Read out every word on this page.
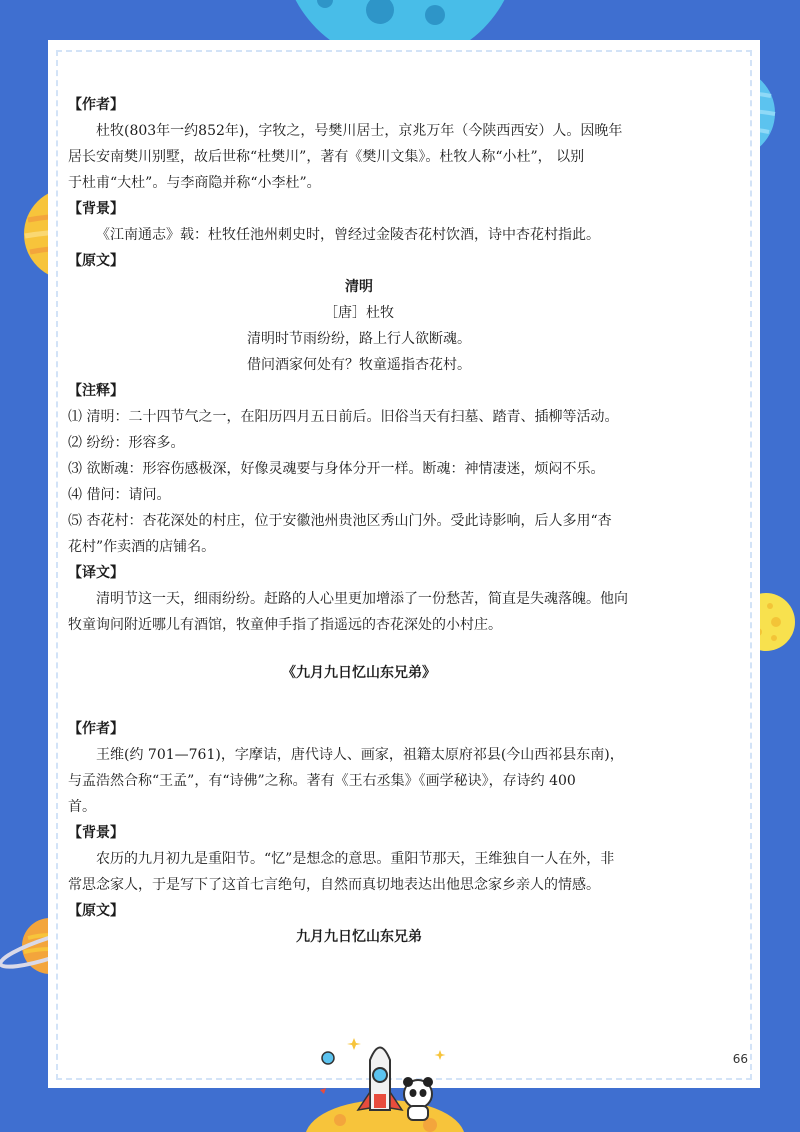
【作者】

杜牧(803年一约852年)，字牧之，号樊川居士，京兆万年（今陕西西安）人。因晚年

居长安南樊川别墅，故后世称“杜樊川”，著有《樊川文集》。杜牧人称“小杜”， 以别

于杜甫“大杜”。与李商隐并称“小李杜”。

【背景】

《江南通志》载：杜牧任池州刺史时，曾经过金陵杏花村饮酒，诗中杏花村指此。

【原文】

清明

［唐］杜牧

清明时节雨纷纷，路上行人欲断魂。

借问酒家何处有？牧童遥指杏花村。

【注释】

⑴ 清明：二十四节气之一，在阳历四月五日前后。旧俗当天有扫墓、踏青、插柳等活动。

⑵ 纷纷：形容多。

⑶ 欲断魂：形容伤感极深，好像灵魂要与身体分开一样。断魂：神情凄迷，烦闷不乐。

⑷ 借问：请问。

⑸ 杏花村：杏花深处的村庄，位于安徽池州贵池区秀山门外。受此诗影响，后人多用“杏

花村”作卖酒的店铺名。

【译文】

清明节这一天，细雨纷纷。赶路的人心里更加增添了一份愁苦，简直是失魂落魄。他向

牧童询问附近哪儿有酒馆，牧童伸手指了指遥远的杏花深处的小村庄。

《九月九日忆山东兄弟》

【作者】

王维(约 701—761)，字摩诘，唐代诗人、画家，祖籍太原府祁县(今山西祁县东南)，

与孟浩然合称“王孟”，有“诗佛”之称。著有《王右丞集》《画学秘诀》，存诗约 400

首。

【背景】

农历的九月初九是重阳节。“忆”是想念的意思。重阳节那天，王维独自一人在外，非

常思念家人，于是写下了这首七言绝句，自然而真切地表达出他思念家乡亲人的情感。

【原文】

九月九日忆山东兄弟

66
